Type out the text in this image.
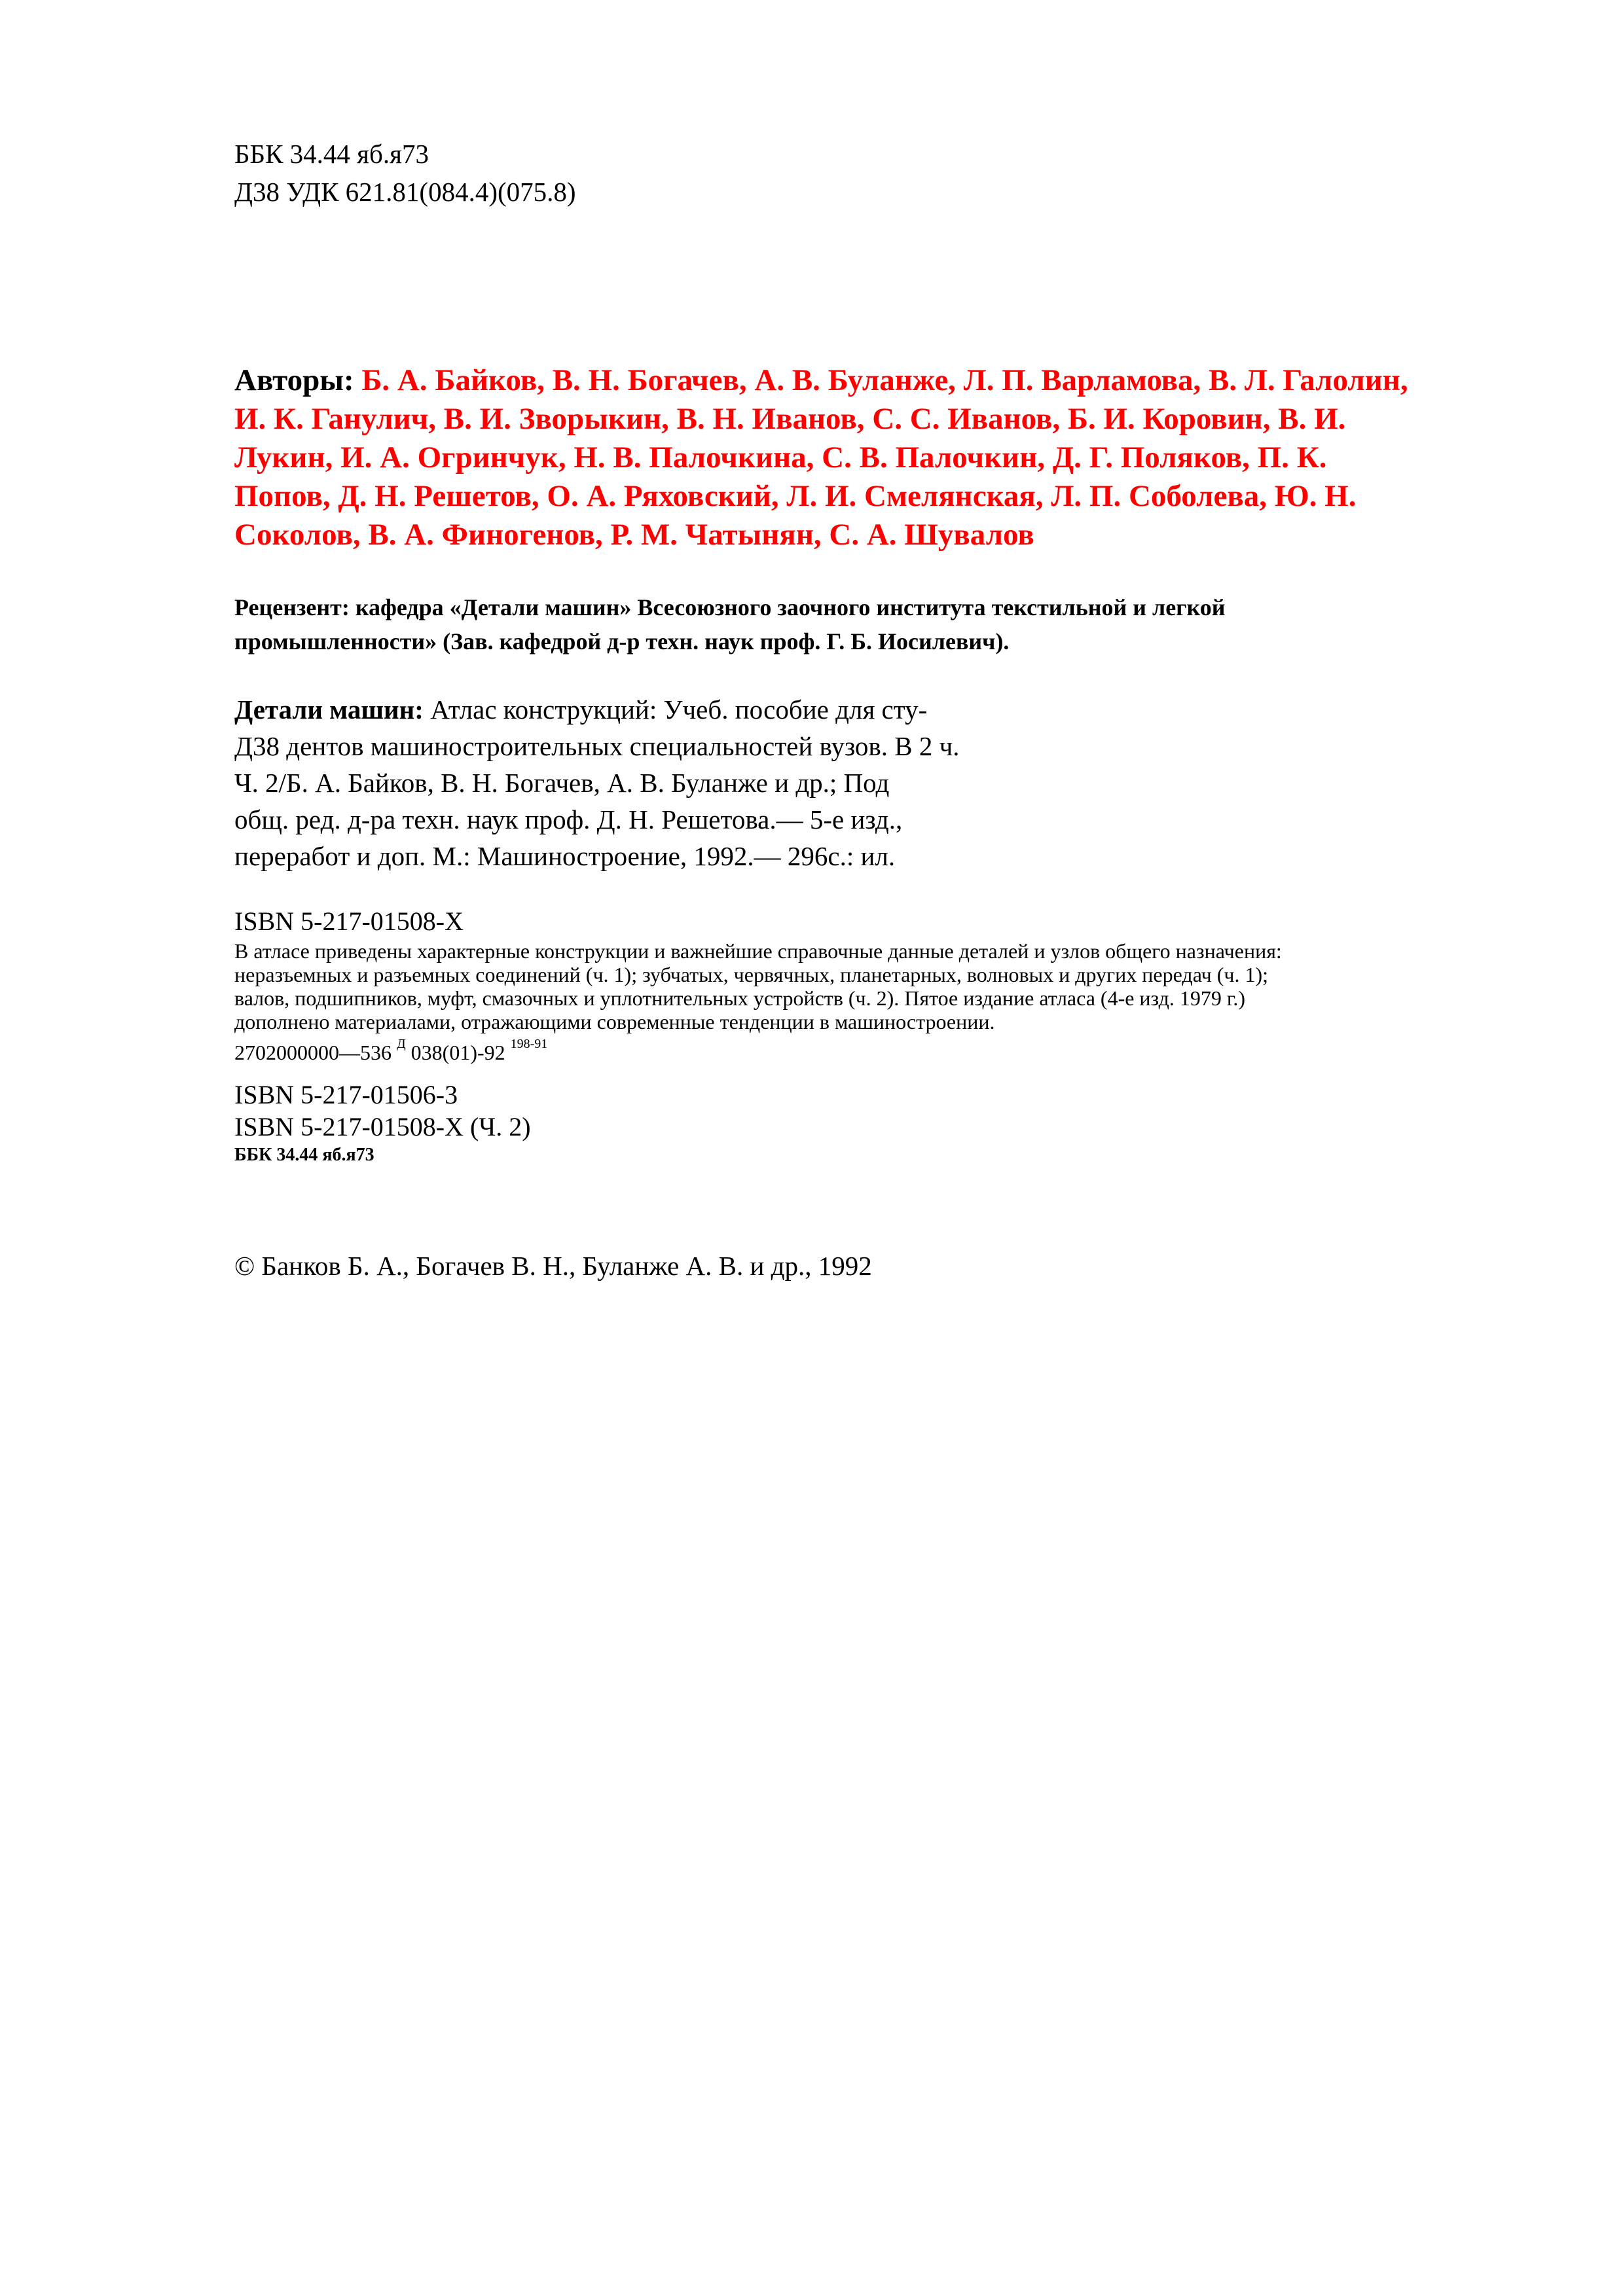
ББК 34.44 яб.я73
Д38 УДК 621.81(084.4)(075.8)
Авторы: Б. А. Байков, В. Н. Богачев, А. В. Буланже, Л. П. Варламова, В. Л. Галолин,
И. К. Ганулич, В. И. Зворыкин, В. Н. Иванов, С. С. Иванов, Б. И. Коровин, В. И.
Лукин, И. А. Огринчук, Н. В. Палочкина, С. В. Палочкин, Д. Г. Поляков, П. К.
Попов, Д. Н. Решетов, О. А. Ряховский, Л. И. Смелянская, Л. П. Соболева, Ю. Н.
Соколов, В. А. Финогенов, Р. М. Чатынян, С. А. Шувалов
Рецензент: кафедра «Детали машин» Всесоюзного заочного института текстильной и легкой
промышленности» (Зав. кафедрой д-р техн. наук проф. Г. Б. Иосилевич).
Детали машин: Атлас конструкций: Учеб. пособие для сту-
Д38 дентов машиностроительных специальностей вузов. В 2 ч.
Ч. 2/Б. А. Байков, В. Н. Богачев, А. В. Буланже и др.; Под
общ. ред. д-ра техн. наук проф. Д. Н. Решетова.— 5-е изд.,
переработ и доп. М.: Машиностроение, 1992.— 296с.: ил.
ISBN 5-217-01508-X
В атласе приведены характерные конструкции и важнейшие справочные данные деталей и узлов общего назначения:
неразъемных и разъемных соединений (ч. 1); зубчатых, червячных, планетарных, волновых и других передач (ч. 1);
валов, подшипников, муфт, смазочных и уплотнительных устройств (ч. 2). Пятое издание атласа (4-е изд. 1979 г.)
дополнено материалами, отражающими современные тенденции в машиностроении.
2702000000—536 $^Д$ 038(01)-92 $^{198-91}$
ISBN 5-217-01506-3
ISBN 5-217-01508-X (Ч. 2)
ББК 34.44 яб.я73
© Банков Б. А., Богачев В. Н., Буланже А. В. и др., 1992
